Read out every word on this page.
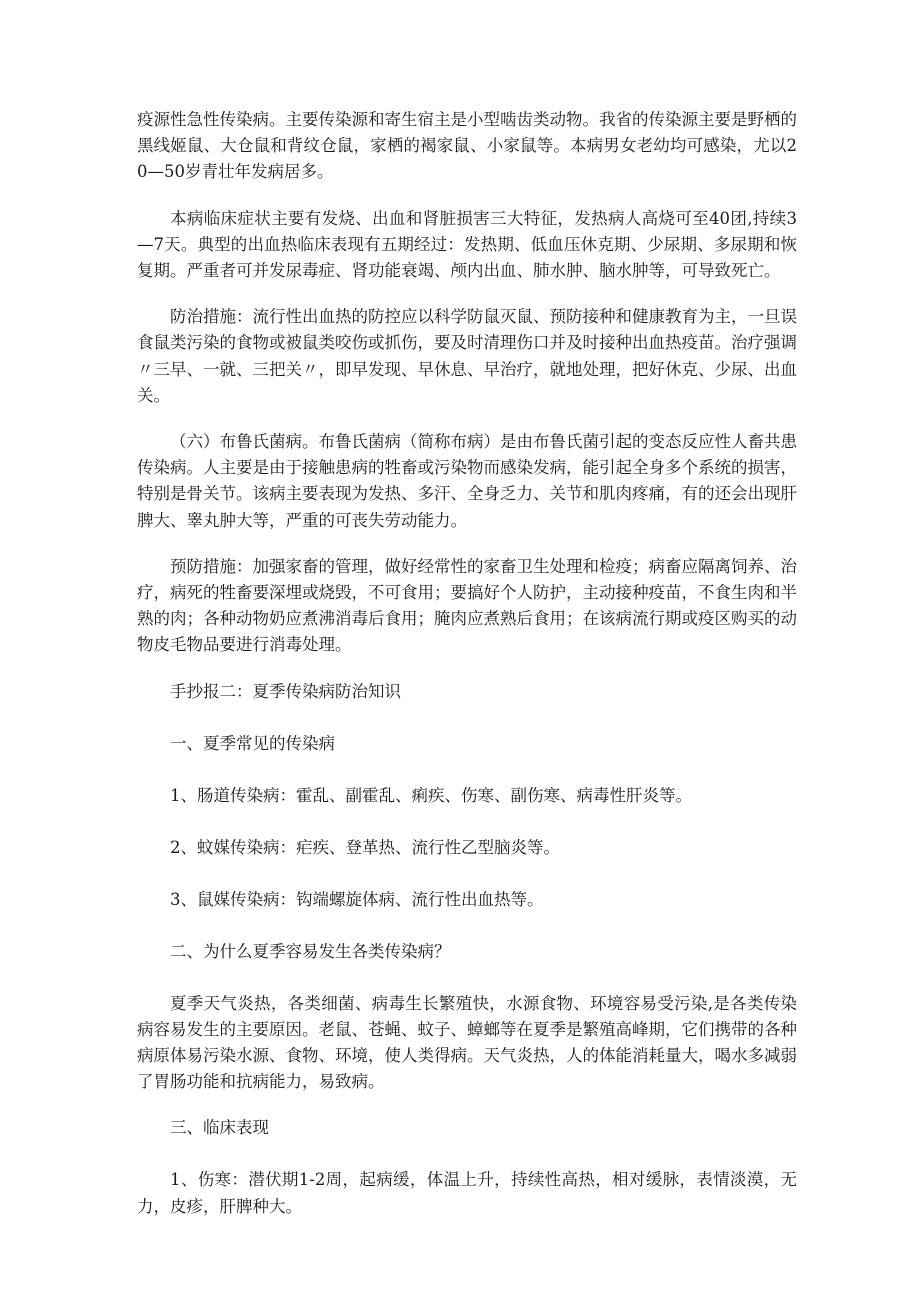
疫源性急性传染病。主要传染源和寄生宿主是小型啮齿类动物。我省的传染源主要是野栖的黑线姬鼠、大仓鼠和背纹仓鼠，家栖的褐家鼠、小家鼠等。本病男女老幼均可感染，尤以20—50岁青壮年发病居多。

本病临床症状主要有发烧、出血和肾脏损害三大特征，发热病人高烧可至40团,持续3—7天。典型的出血热临床表现有五期经过：发热期、低血压休克期、少尿期、多尿期和恢复期。严重者可并发尿毒症、肾功能衰竭、颅内出血、肺水肿、脑水肿等，可导致死亡。

防治措施：流行性出血热的防控应以科学防鼠灭鼠、预防接种和健康教育为主，一旦误食鼠类污染的食物或被鼠类咬伤或抓伤，要及时清理伤口并及时接种出血热疫苗。治疗强调〃三早、一就、三把关〃，即早发现、早休息、早治疗，就地处理，把好休克、少尿、出血关。

（六）布鲁氏菌病。布鲁氏菌病（简称布病）是由布鲁氏菌引起的变态反应性人畜共患传染病。人主要是由于接触患病的牲畜或污染物而感染发病，能引起全身多个系统的损害，特别是骨关节。该病主要表现为发热、多汗、全身乏力、关节和肌肉疼痛，有的还会出现肝脾大、睾丸肿大等，严重的可丧失劳动能力。

预防措施：加强家畜的管理，做好经常性的家畜卫生处理和检疫；病畜应隔离饲养、治疗，病死的牲畜要深埋或烧毁，不可食用；要搞好个人防护，主动接种疫苗，不食生肉和半熟的肉；各种动物奶应煮沸消毒后食用；腌肉应煮熟后食用；在该病流行期或疫区购买的动物皮毛物品要进行消毒处理。

手抄报二：夏季传染病防治知识

一、夏季常见的传染病

1、肠道传染病：霍乱、副霍乱、痢疾、伤寒、副伤寒、病毒性肝炎等。

2、蚊媒传染病：疟疾、登革热、流行性乙型脑炎等。

3、鼠媒传染病：钩端螺旋体病、流行性出血热等。

二、为什么夏季容易发生各类传染病？

夏季天气炎热，各类细菌、病毒生长繁殖快，水源食物、环境容易受污染,是各类传染病容易发生的主要原因。老鼠、苍蝇、蚊子、蟑螂等在夏季是繁殖高峰期，它们携带的各种病原体易污染水源、食物、环境，使人类得病。天气炎热，人的体能消耗量大，喝水多减弱了胃肠功能和抗病能力，易致病。

三、临床表现

1、伤寒：潜伏期1-2周，起病缓，体温上升，持续性高热，相对缓脉，表情淡漠，无力，皮疹，肝脾种大。
